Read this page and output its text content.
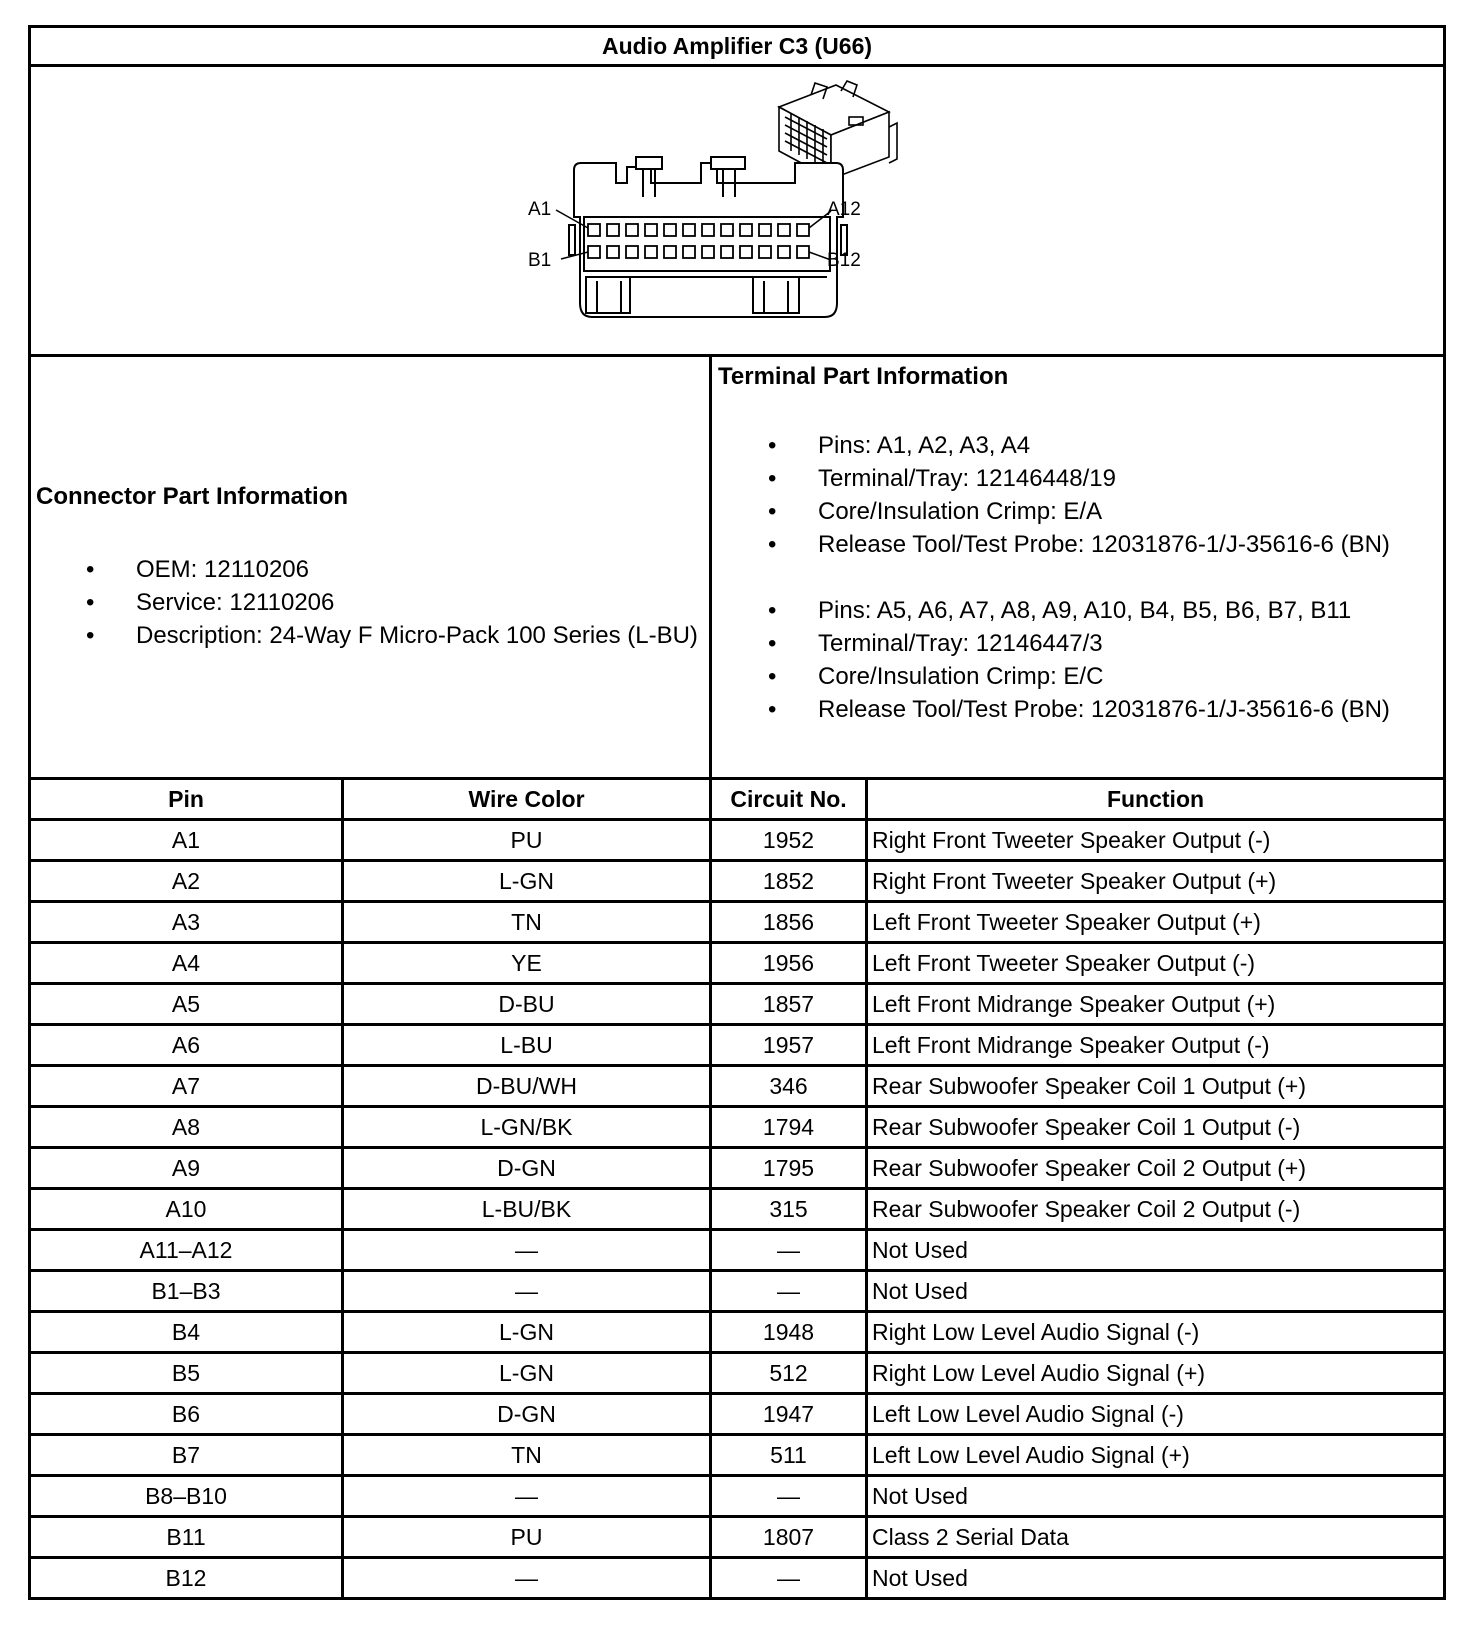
Audio Amplifier C3 (U66)

A1	A12
B1	B12

Connector Part Information

• OEM: 12110206
• Service: 12110206
• Description: 24-Way F Micro-Pack 100 Series (L-BU)

Terminal Part Information

• Pins: A1, A2, A3, A4
• Terminal/Tray: 12146448/19
• Core/Insulation Crimp: E/A
• Release Tool/Test Probe: 12031876-1/J-35616-6 (BN)
• Pins: A5, A6, A7, A8, A9, A10, B4, B5, B6, B7, B11
• Terminal/Tray: 12146447/3
• Core/Insulation Crimp: E/C
• Release Tool/Test Probe: 12031876-1/J-35616-6 (BN)
Pin	Wire Color	Circuit No.	Function
A1	PU	1952	Right Front Tweeter Speaker Output (-)
A2	L-GN	1852	Right Front Tweeter Speaker Output (+)
A3	TN	1856	Left Front Tweeter Speaker Output (+)
A4	YE	1956	Left Front Tweeter Speaker Output (-)
A5	D-BU	1857	Left Front Midrange Speaker Output (+)
A6	L-BU	1957	Left Front Midrange Speaker Output (-)
A7	D-BU/WH	346	Rear Subwoofer Speaker Coil 1 Output (+)
A8	L-GN/BK	1794	Rear Subwoofer Speaker Coil 1 Output (-)
A9	D-GN	1795	Rear Subwoofer Speaker Coil 2 Output (+)
A10	L-BU/BK	315	Rear Subwoofer Speaker Coil 2 Output (-)
A11–A12	—	—	Not Used
B1–B3	—	—	Not Used
B4	L-GN	1948	Right Low Level Audio Signal (-)
B5	L-GN	512	Right Low Level Audio Signal (+)
B6	D-GN	1947	Left Low Level Audio Signal (-)
B7	TN	511	Left Low Level Audio Signal (+)
B8–B10	—	—	Not Used
B11	PU	1807	Class 2 Serial Data
B12	—	—	Not Used
